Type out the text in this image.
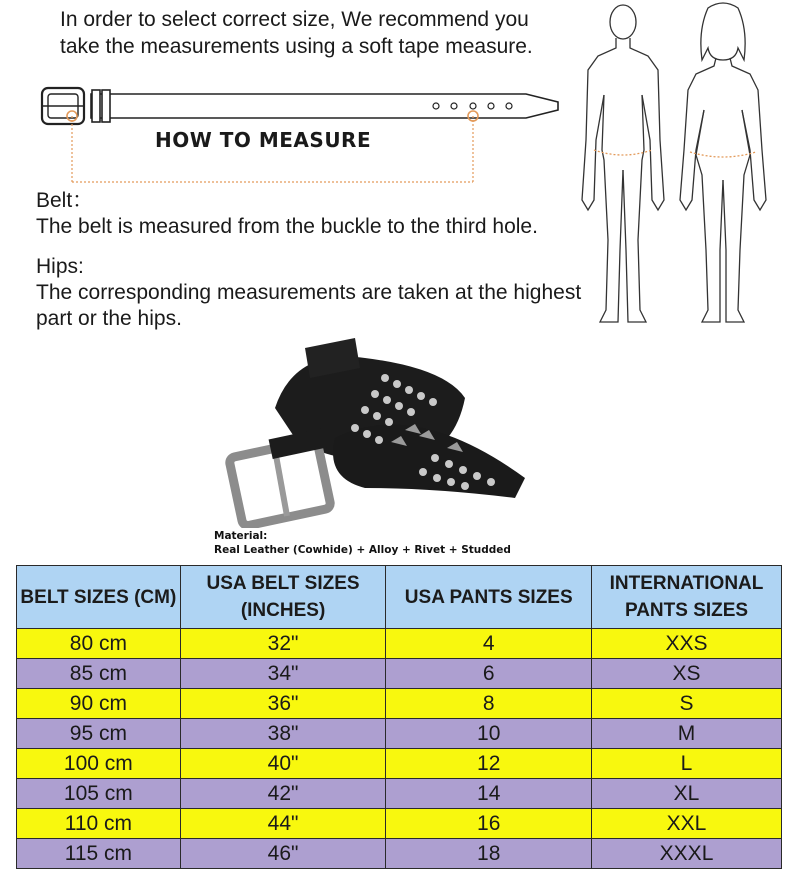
In order to select correct size, We recommend you take the measurements using a soft tape measure.
HOW TO MEASURE
Belt：
The belt is measured from the buckle to the third hole.
Hips:
The corresponding measurements are taken at the highest part or the hips.
Material:
Real Leather (Cowhide) + Alloy + Rivet + Studded
BELT SIZES (CM)	USA BELT SIZES (INCHES)	USA PANTS SIZES	INTERNATIONAL PANTS SIZES
80 cm	32"	4	XXS
85 cm	34"	6	XS
90 cm	36"	8	S
95 cm	38"	10	M
100 cm	40"	12	L
105 cm	42"	14	XL
110 cm	44"	16	XXL
115 cm	46"	18	XXXL
